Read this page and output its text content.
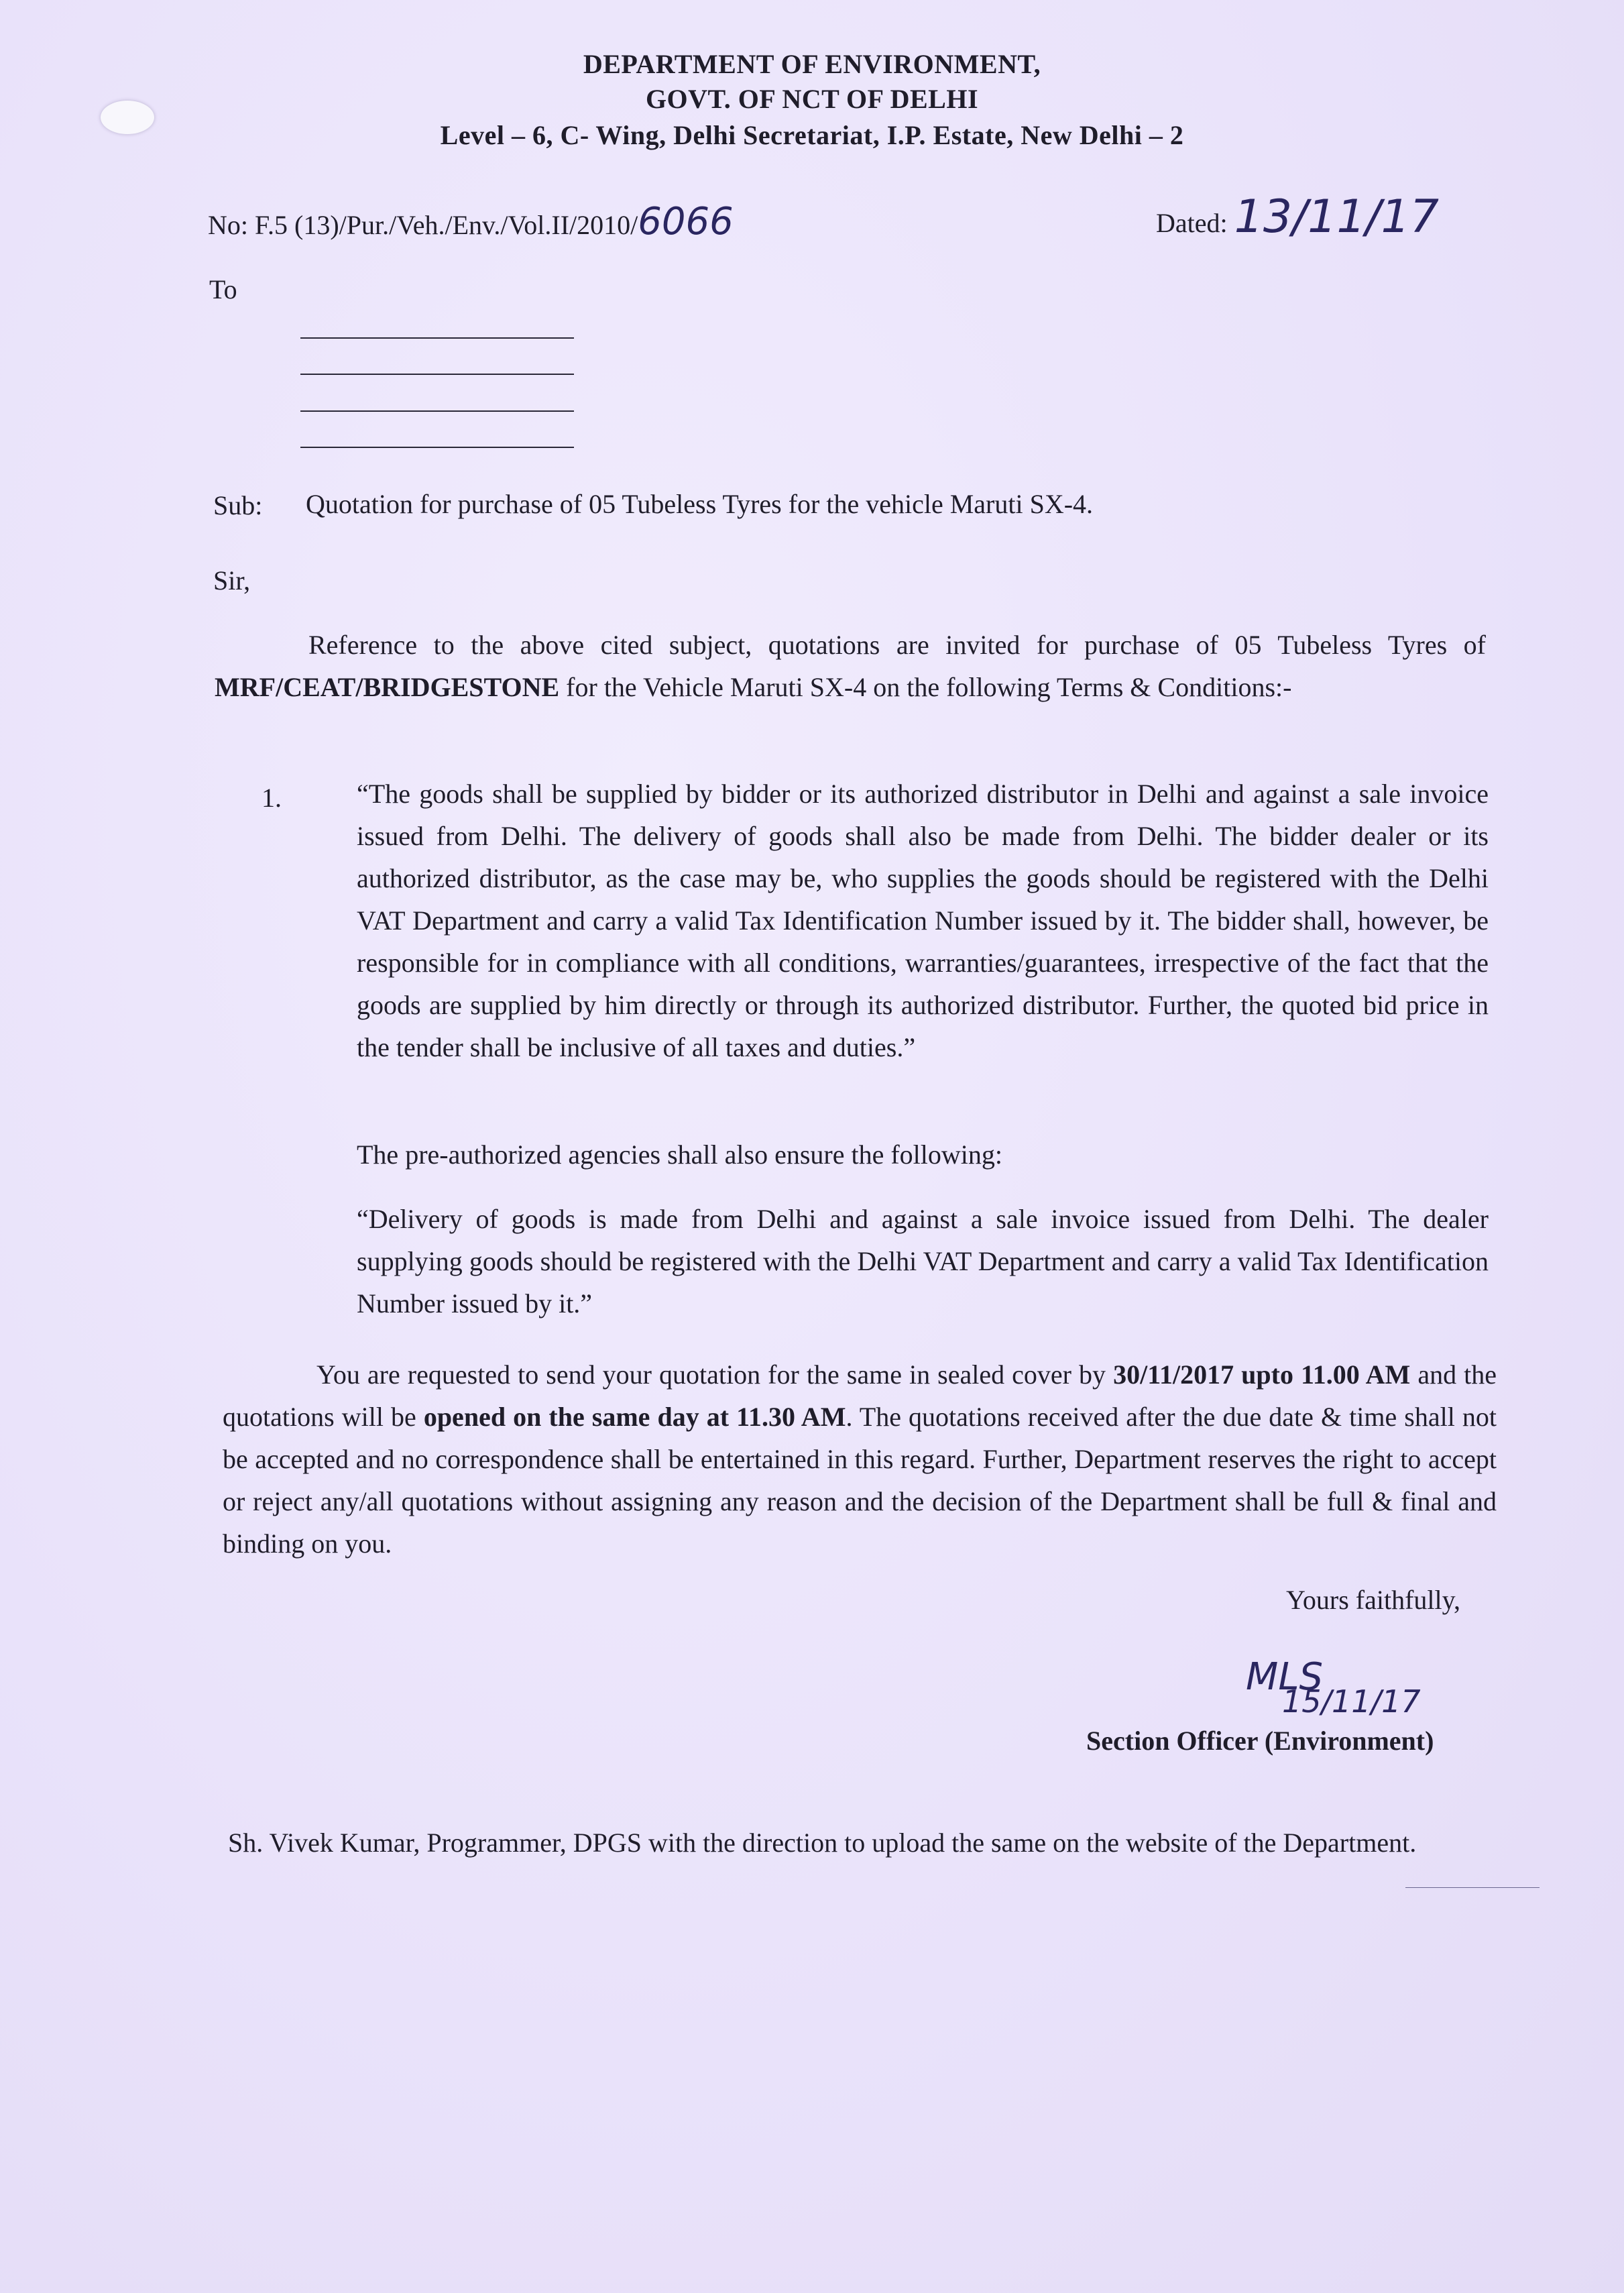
DEPARTMENT OF ENVIRONMENT,
GOVT. OF NCT OF DELHI
Level – 6, C- Wing, Delhi Secretariat, I.P. Estate, New Delhi – 2
No: F.5 (13)/Pur./Veh./Env./Vol.II/2010/6066	Dated: 13/11/17
To
Sub: Quotation for purchase of 05 Tubeless Tyres for the vehicle Maruti SX-4.
Sir,
Reference to the above cited subject, quotations are invited for purchase of 05 Tubeless Tyres of MRF/CEAT/BRIDGESTONE for the Vehicle Maruti SX-4 on the following Terms & Conditions:-
1.	“The goods shall be supplied by bidder or its authorized distributor in Delhi and against a sale invoice issued from Delhi. The delivery of goods shall also be made from Delhi. The bidder dealer or its authorized distributor, as the case may be, who supplies the goods should be registered with the Delhi VAT Department and carry a valid Tax Identification Number issued by it. The bidder shall, however, be responsible for in compliance with all conditions, warranties/guarantees, irrespective of the fact that the goods are supplied by him directly or through its authorized distributor. Further, the quoted bid price in the tender shall be inclusive of all taxes and duties.”
The pre-authorized agencies shall also ensure the following:
“Delivery of goods is made from Delhi and against a sale invoice issued from Delhi. The dealer supplying goods should be registered with the Delhi VAT Department and carry a valid Tax Identification Number issued by it.”
You are requested to send your quotation for the same in sealed cover by 30/11/2017 upto 11.00 AM and the quotations will be opened on the same day at 11.30 AM. The quotations received after the due date & time shall not be accepted and no correspondence shall be entertained in this regard. Further, Department reserves the right to accept or reject any/all quotations without assigning any reason and the decision of the Department shall be full & final and binding on you.
Yours faithfully,
MLS
15/11/17
Section Officer (Environment)
Sh. Vivek Kumar, Programmer, DPGS with the direction to upload the same on the website of the Department.
